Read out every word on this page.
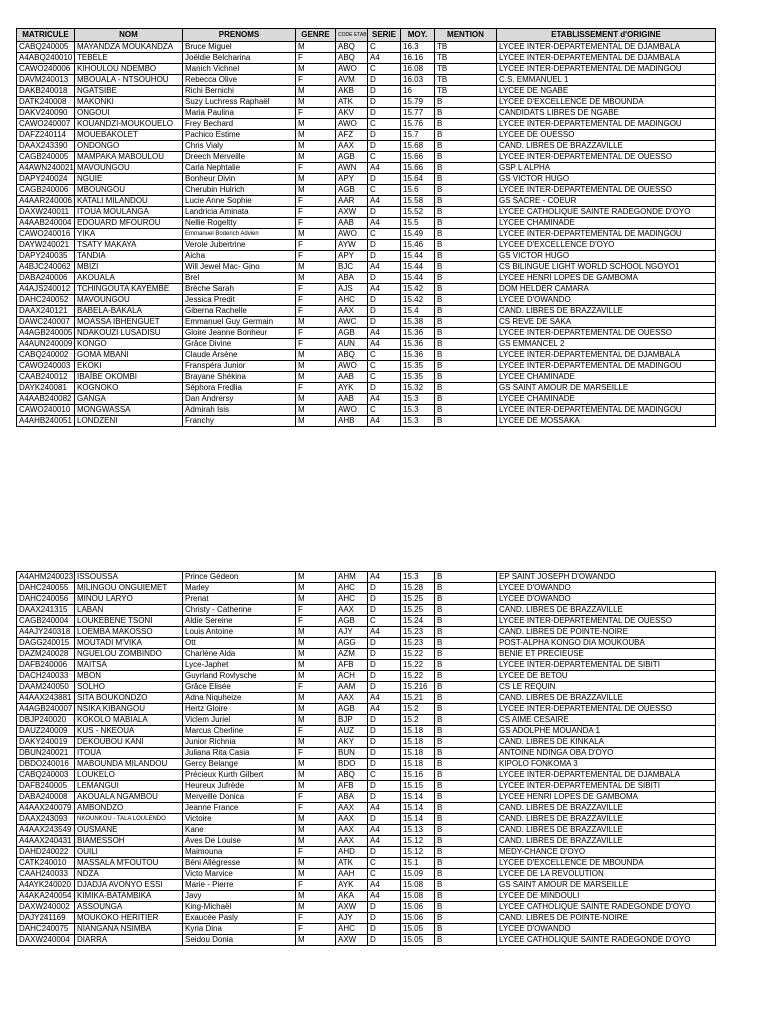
MATRICULE	NOM	PRENOMS	GENRE	CODE ETAB	SERIE	MOY.	MENTION	ETABLISSEMENT d'ORIGINE
CABQ240005	MAYANDZA MOUKANDZA	Bruce Miguel	M	ABQ	C	16.3	TB	LYCEE INTER-DEPARTEMENTAL DE DJAMBALA
A4ABQ240010	TEBELE	Joëldie Belcharina	F	ABQ	A4	16.16	TB	LYCEE INTER-DEPARTEMENTAL DE DJAMBALA
CAWO240006	KIHOULOU NDEMBO	Manich Vichnel	M	AWO	C	16.08	TB	LYCEE INTER-DEPARTEMENTAL DE MADINGOU
DAVM240013	MBOUALA - NTSOUHOU	Rebecca Olive	F	AVM	D	16.03	TB	C.S. EMMANUEL 1
DAKB240018	NGATSIBE	Richi Bernichi	M	AKB	D	16	TB	LYCEE DE NGABE
DATK240008	MAKONKI	Suzy Luchress Raphaël	M	ATK	D	15.79	B	LYCEE D'EXCELLENCE DE MBOUNDA
DAKV240090	ONGOUI	Maria Paulina	F	AKV	D	15.77	B	CANDIDATS LIBRES DE NGABE
CAWO240007	KOUANDZI-MOUKOUELO	Frey Bechard	M	AWO	C	15.76	B	LYCEE INTER-DEPARTEMENTAL DE MADINGOU
DAFZ240114	MOUEBAKOLET	Pachico Estime	M	AFZ	D	15.7	B	LYCEE DE OUESSO
DAAX243390	ONDONGO	Chris Vialy	M	AAX	D	15.68	B	CAND. LIBRES DE BRAZZAVILLE
CAGB240005	MAMPAKA MABOULOU	Dreech Merveille	M	AGB	C	15.66	B	LYCEE INTER-DEPARTEMENTAL DE OUESSO
A4AWN240021	MAVOUNGOU	Carla Nephtalie	F	AWN	A4	15.66	B	GSP L ALPHA
DAPY240024	NGUIE	Bonheur Divin	M	APY	D	15.64	B	GS VICTOR HUGO
CAGB240006	MBOUNGOU	Cherubin Hulrich	M	AGB	C	15.6	B	LYCEE INTER-DEPARTEMENTAL DE OUESSO
A4AAR240006	KATALI MILANDOU	Lucie Anne Sophie	F	AAR	A4	15.58	B	GS SACRE - COEUR
DAXW240011	ITOUA MOULANGA	Landricia Aminata	F	AXW	D	15.52	B	LYCEE CATHOLIQUE SAINTE RADEGONDE D'OYO
A4AAB240004	EDOUARD MFOUROU	Nellie Rogeltty	F	AAB	A4	15.5	B	LYCEE CHAMINADE
CAWO240016	YIKA	Emmanuel Boderich Advien	M	AWO	C	15.49	B	LYCEE INTER-DEPARTEMENTAL DE MADINGOU
DAYW240021	TSATY MAKAYA	Verole Jubertrine	F	AYW	D	15.46	B	LYCEE D'EXCELLENCE D'OYO
DAPY240035	TANDIA	Aicha	F	APY	D	15.44	B	GS VICTOR HUGO
A4BJC240062	MBIZI	Will Jewel Mac- Gino	M	BJC	A4	15.44	B	CS BILINGUE LIGHT WORLD SCHOOL NGOYO1
DABA240006	AKOUALA	Brel	M	ABA	D	15.44	B	LYCEE HENRI LOPES DE GAMBOMA
A4AJS240012	TCHINGOUTA KAYEMBE	Brèche Sarah	F	AJS	A4	15.42	B	DOM HELDER CAMARA
DAHC240052	MAVOUNGOU	Jessica Predit	F	AHC	D	15.42	B	LYCEE D'OWANDO
DAAX240121	BABELA-BAKALA	Giberna Rachelle	F	AAX	D	15.4	B	CAND. LIBRES DE BRAZZAVILLE
DAWC240007	MOASSA IBHENGUET	Emmanuel Guy Germain	M	AWC	D	15.38	B	CS REVE DE SAKA
A4AGB240005	NDAKOUZI LUSADISU	Gloire Jeanne Bonheur	F	AGB	A4	15.36	B	LYCEE INTER-DEPARTEMENTAL DE OUESSO
A4AUN240009	KONGO	Grâce Divine	F	AUN	A4	15.36	B	GS EMMANCEL 2
CABQ240002	GOMA MBANI	Claude Arsène	M	ABQ	C	15.36	B	LYCEE INTER-DEPARTEMENTAL DE DJAMBALA
CAWO240003	EKOKI	Franspéra Junior	M	AWO	C	15.35	B	LYCEE INTER-DEPARTEMENTAL DE MADINGOU
CAAB240012	IBAÏBE OKOMBI	Brayane Shékina	M	AAB	C	15.35	B	LYCEE CHAMINADE
DAYK240081	KOGNOKO	Séphora Fredlia	F	AYK	D	15.32	B	GS SAINT AMOUR DE MARSEILLE
A4AAB240082	GANGA	Dan Andrersy	M	AAB	A4	15.3	B	LYCEE CHAMINADE
CAWO240010	MONGWASSA	Admirah Isis	M	AWO	C	15.3	B	LYCEE INTER-DEPARTEMENTAL DE MADINGOU
A4AHB240051	LONDZENI	Franchy	M	AHB	A4	15.3	B	LYCEE DE MOSSAKA
A4AHM240023	ISSOUSSA	Prince Gédeon	M	AHM	A4	15.3	B	EP SAINT JOSEPH D'OWANDO
DAHC240055	MILINGOU ONGUIEMET	Marley	M	AHC	D	15.28	B	LYCEE D'OWANDO
DAHC240056	MINOU LARYO	Prenat	M	AHC	D	15.25	B	LYCEE D'OWANDO
DAAX241315	LABAN	Christy - Catherine	F	AAX	D	15.25	B	CAND. LIBRES DE BRAZZAVILLE
CAGB240004	LOUKEBENE TSONI	Aldie Sereine	F	AGB	C	15.24	B	LYCEE INTER-DEPARTEMENTAL DE OUESSO
A4AJY240318	LOEMBA MAKOSSO	Louis Antoine	M	AJY	A4	15.23	B	CAND. LIBRES DE POINTE-NOIRE
DAGG240015	MOUTADI M'VIKA	Ott	M	AGG	D	15.23	B	POST-ALPHA KONGO DIA MOUKOUBA
DAZM240028	NGUELOU ZOMBINDO	Charlène Alda	M	AZM	D	15.22	B	BENIE ET PRECIEUSE
DAFB240006	MAITSA	Lyce-Japhet	M	AFB	D	15.22	B	LYCEE INTER-DEPARTEMENTAL DE SIBITI
DACH240033	MBON	Guyrland Rovlysche	M	ACH	D	15.22	B	LYCEE DE BETOU
DAAM240050	SOLHO	Grâce Elisée	F	AAM	D	15.216	B	CS LE REQUIN
A4AAX243881	SITA BOUKONDZO	Adna Niquheize	M	AAX	A4	15.21	B	CAND. LIBRES DE BRAZZAVILLE
A4AGB240007	NSIKA KIBANGOU	Hertz Gloire	M	AGB	A4	15.2	B	LYCEE INTER-DEPARTEMENTAL DE OUESSO
DBJP240020	KOKOLO MABIALA	Viclem Juriel	M	BJP	D	15.2	B	CS AIME CESAIRE
DAUZ240009	KUS - NKEOUA	Marcus Cherline	F	AUZ	D	15.18	B	GS ADOLPHE MOUANDA 1
DAKY240019	DEKOUBOU KANI	Junior Richnia	M	AKY	D	15.18	B	CAND. LIBRES DE KINKALA
DBUN240021	ITOUA	Juliana Rita Casia	F	BUN	D	15.18	B	ANTOINE NDINGA OBA D'OYO
DBDO240016	MABOUNDA MILANDOU	Gercy Belange	M	BDO	D	15.18	B	KIPOLO FONKOMA 3
CABQ240003	LOUKELO	Précieux Kurth Gilbert	M	ABQ	C	15.16	B	LYCEE INTER-DEPARTEMENTAL DE DJAMBALA
DAFB240005	LEMANGUI	Heureux Jufrède	M	AFB	D	15.15	B	LYCEE INTER-DEPARTEMENTAL DE SIBITI
DABA240008	AKOUALA NGAMBOU	Merveille Donica	F	ABA	D	15.14	B	LYCEE HENRI LOPES DE GAMBOMA
A4AAX240079	AMBONDZO	Jeanne France	F	AAX	A4	15.14	B	CAND. LIBRES DE BRAZZAVILLE
DAAX243093	NKOUNKOU - TALA LOULENDO	Victoire	M	AAX	D	15.14	B	CAND. LIBRES DE BRAZZAVILLE
A4AAX243549	OUSMANE	Kane	M	AAX	A4	15.13	B	CAND. LIBRES DE BRAZZAVILLE
A4AAX240431	BIAMESSOH	Aves De Louise	M	AAX	A4	15.12	B	CAND. LIBRES DE BRAZZAVILLE
DAHD240022	OUILI	Maimouna	F	AHD	D	15.12	B	MEDY-CHANCE D'OYO
CATK240010	MASSALA M'FOUTOU	Béni Allégresse	M	ATK	C	15.1	B	LYCEE D'EXCELLENCE DE MBOUNDA
CAAH240033	NDZA	Victo Marvice	M	AAH	C	15.09	B	LYCEE DE LA REVOLUTION
A4AYK240020	DJADJA AVONYO ESSI	Marie - Pierre	F	AYK	A4	15.08	B	GS SAINT AMOUR DE MARSEILLE
A4AKA240054	KIMIKA-BATAMBIKA	Javy	M	AKA	A4	15.08	B	LYCEE DE MINDOULI
DAXW240002	ASSOUNGA	King-Michaël	M	AXW	D	15.06	B	LYCEE CATHOLIQUE SAINTE RADEGONDE D'OYO
DAJY241169	MOUKOKO HERITIER	Exaucée Pasly	F	AJY	D	15.06	B	CAND. LIBRES DE POINTE-NOIRE
DAHC240075	NIANGANA NSIMBA	Kyria Dina	F	AHC	D	15.05	B	LYCEE D'OWANDO
DAXW240004	DIARRA	Seidou Donia	M	AXW	D	15.05	B	LYCEE CATHOLIQUE SAINTE RADEGONDE D'OYO
